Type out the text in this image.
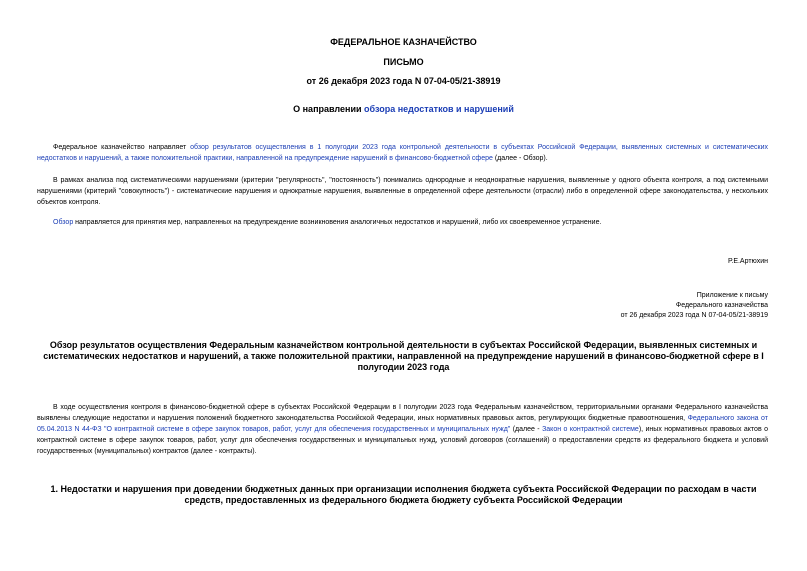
ФЕДЕРАЛЬНОЕ КАЗНАЧЕЙСТВО
ПИСЬМО
от 26 декабря 2023 года N 07-04-05/21-38919
О направлении обзора недостатков и нарушений
Федеральное казначейство направляет обзор результатов осуществления в 1 полугодии 2023 года контрольной деятельности в субъектах Российской Федерации, выявленных системных и систематических недостатков и нарушений, а также положительной практики, направленной на предупреждение нарушений в финансово-бюджетной сфере (далее - Обзор).
В рамках анализа под систематическими нарушениями (критерии "регулярность", "постоянность") понимались однородные и неоднократные нарушения, выявленные у одного объекта контроля, а под системными нарушениями (критерий "совокупность") - систематические нарушения и однократные нарушения, выявленные в определенной сфере деятельности (отрасли) либо в определенной сфере законодательства, у нескольких объектов контроля.
Обзор направляется для принятия мер, направленных на предупреждение возникновения аналогичных недостатков и нарушений, либо их своевременное устранение.
Р.Е.Артюхин
Приложение к письму
Федерального казначейства
от 26 декабря 2023 года N 07-04-05/21-38919
Обзор результатов осуществления Федеральным казначейством контрольной деятельности в субъектах Российской Федерации, выявленных системных и систематических недостатков и нарушений, а также положительной практики, направленной на предупреждение нарушений в финансово-бюджетной сфере в I полугодии 2023 года
В ходе осуществления контроля в финансово-бюджетной сфере в субъектах Российской Федерации в I полугодии 2023 года Федеральным казначейством, территориальными органами Федерального казначейства выявлены следующие недостатки и нарушения положений бюджетного законодательства Российской Федерации, иных нормативных правовых актов, регулирующих бюджетные правоотношения, Федерального закона от 05.04.2013 N 44-ФЗ "О контрактной системе в сфере закупок товаров, работ, услуг для обеспечения государственных и муниципальных нужд" (далее - Закон о контрактной системе), иных нормативных правовых актов о контрактной системе в сфере закупок товаров, работ, услуг для обеспечения государственных и муниципальных нужд, условий договоров (соглашений) о предоставлении средств из федерального бюджета и условий государственных (муниципальных) контрактов (далее - контракты).
1. Недостатки и нарушения при доведении бюджетных данных при организации исполнения бюджета субъекта Российской Федерации по расходам в части средств, предоставленных из федерального бюджета бюджету субъекта Российской Федерации
